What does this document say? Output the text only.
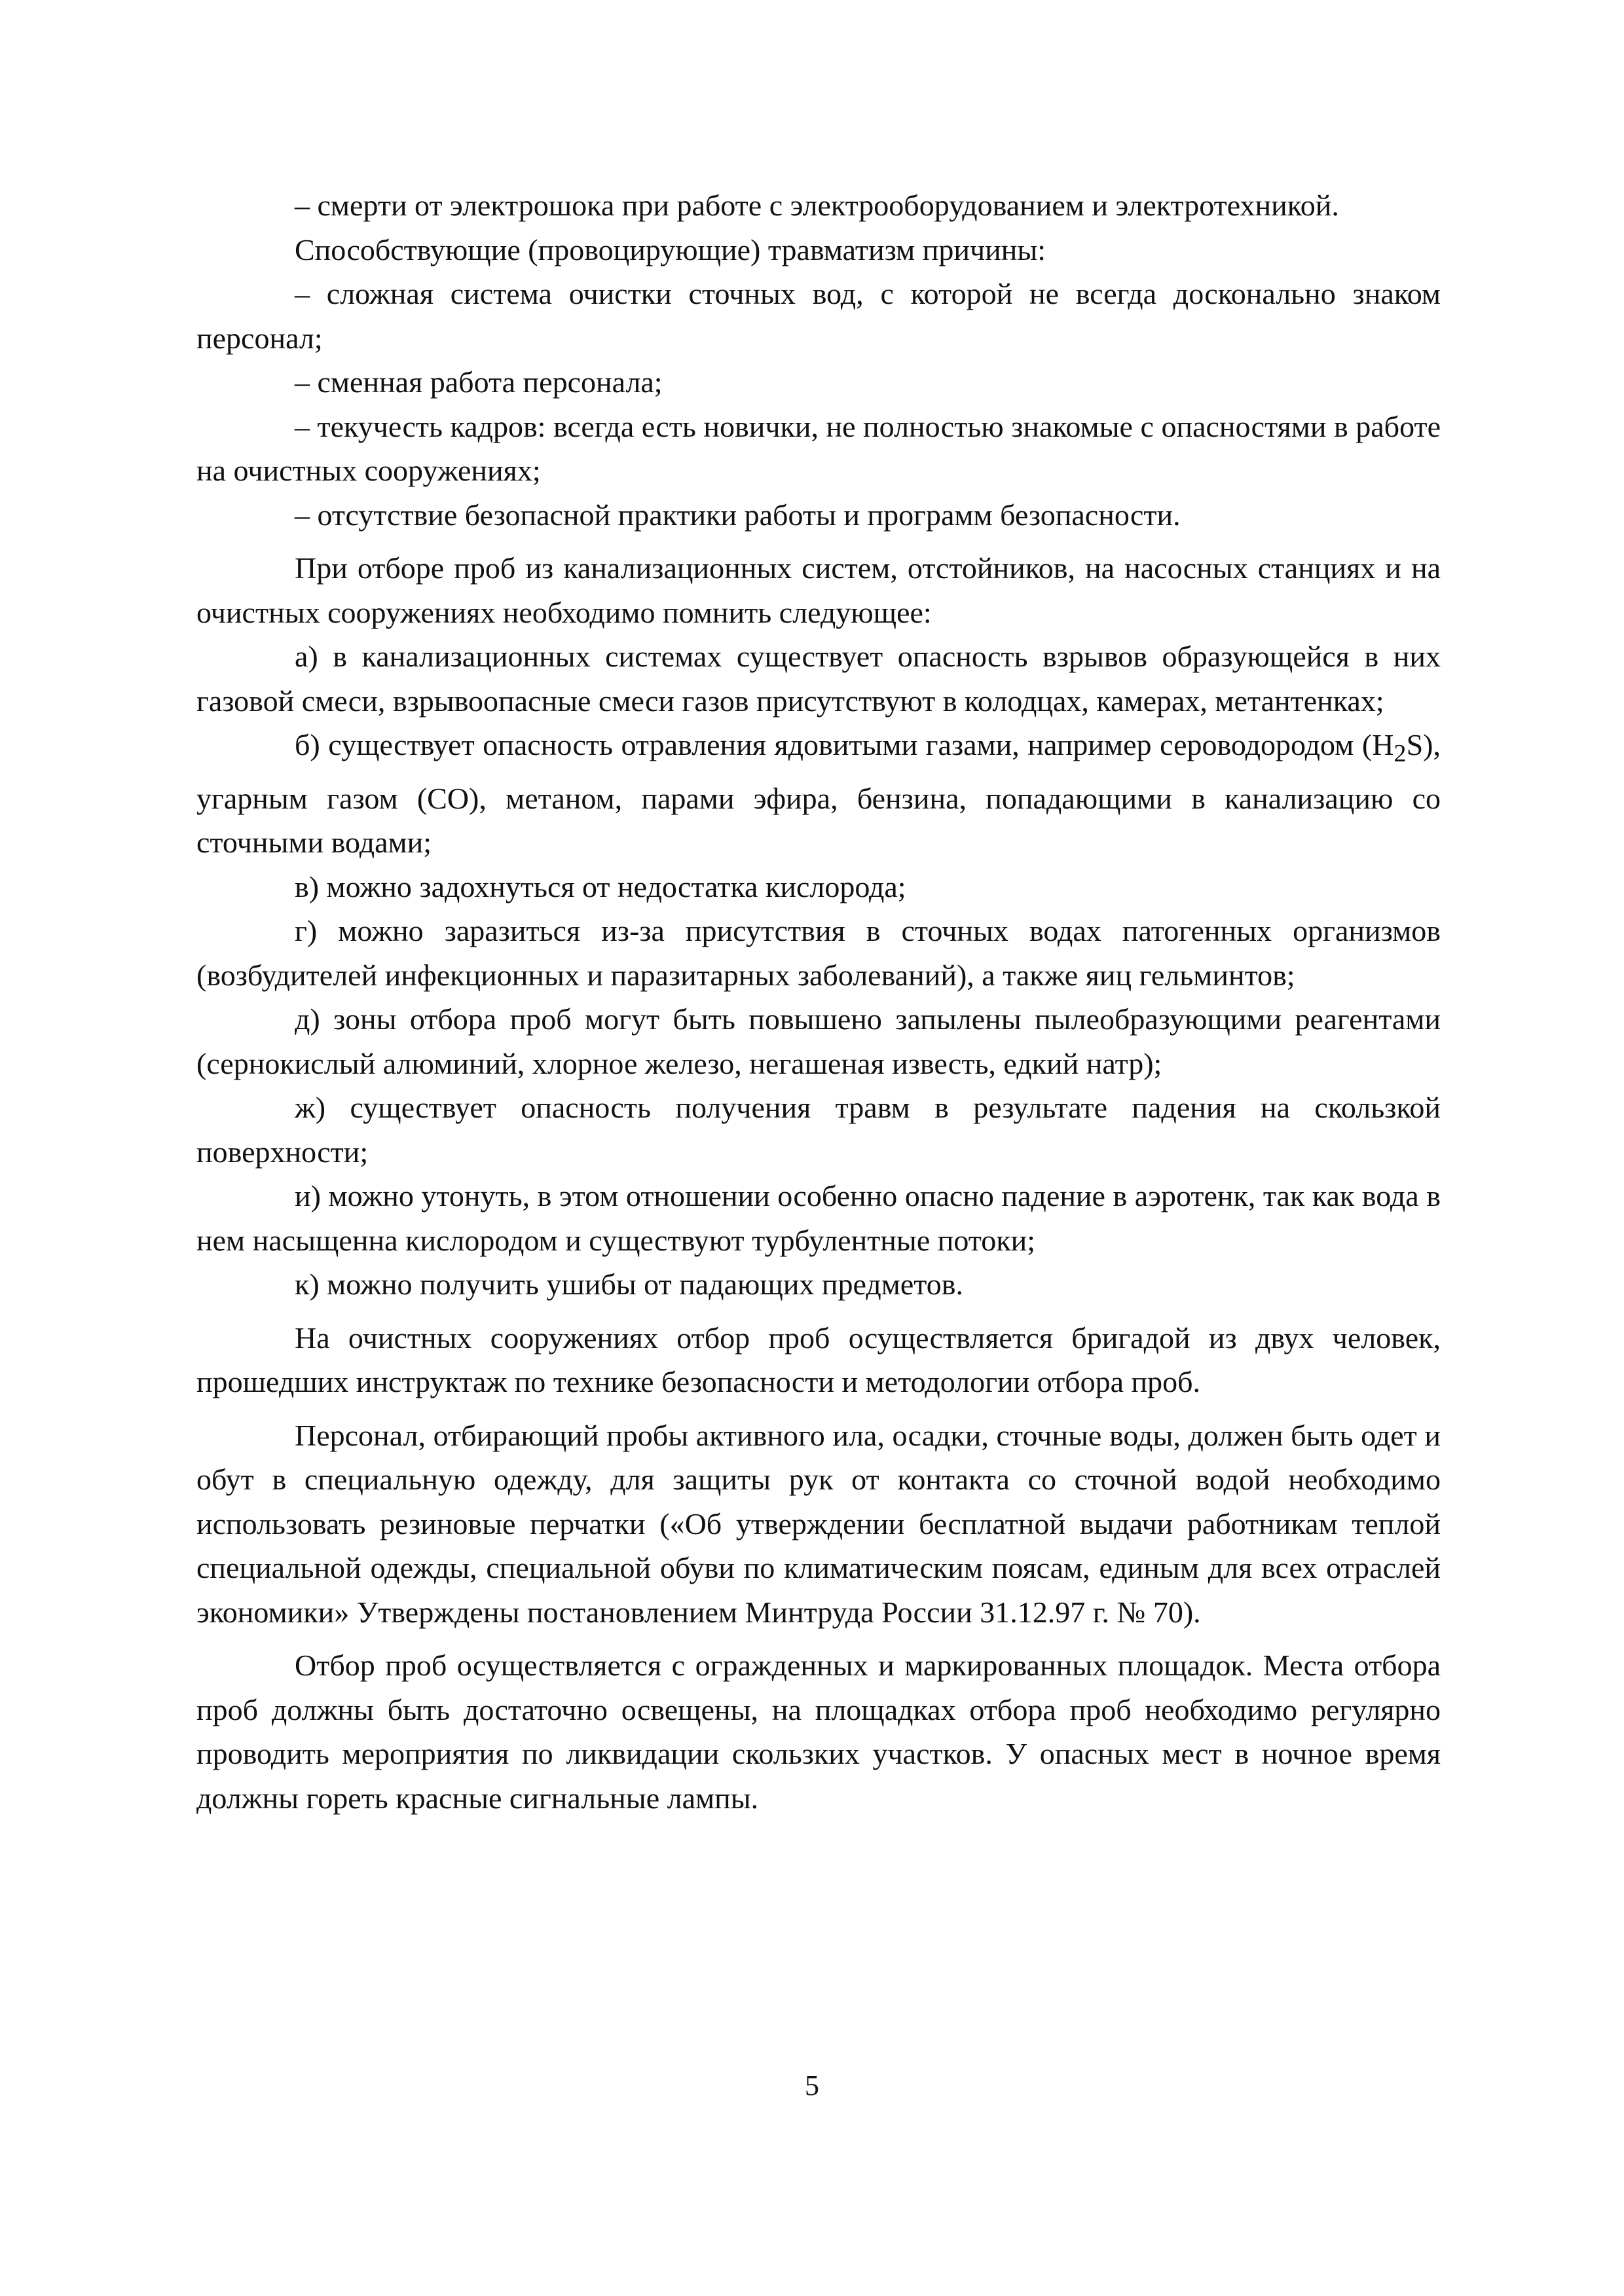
– смерти от электрошока при работе с электрооборудованием и электротехникой.

Способствующие (провоцирующие) травматизм причины:

– сложная система очистки сточных вод, с которой не всегда досконально знаком персонал;

– сменная работа персонала;

– текучесть кадров: всегда есть новички, не полностью знакомые с опасностями в работе на очистных сооружениях;

– отсутствие безопасной практики работы и программ безопасности.

При отборе проб из канализационных систем, отстойников, на насосных станциях и на очистных сооружениях необходимо помнить следующее:

а) в канализационных системах существует опасность взрывов образующейся в них газовой смеси, взрывоопасные смеси газов присутствуют в колодцах, камерах, метантенках;

б) существует опасность отравления ядовитыми газами, например сероводородом $(H_2S)$, угарным газом (CO), метаном, парами эфира, бензина, попадающими в канализацию со сточными водами;

в) можно задохнуться от недостатка кислорода;

г) можно заразиться из-за присутствия в сточных водах патогенных организмов (возбудителей инфекционных и паразитарных заболеваний), а также яиц гельминтов;

д) зоны отбора проб могут быть повышено запылены пылеобразующими реагентами (сернокислый алюминий, хлорное железо, негашеная известь, едкий натр);

ж) существует опасность получения травм в результате падения на скользкой поверхности;

и) можно утонуть, в этом отношении особенно опасно падение в аэротенк, так как вода в нем насыщенна кислородом и существуют турбулентные потоки;

к) можно получить ушибы от падающих предметов.

На очистных сооружениях отбор проб осуществляется бригадой из двух человек, прошедших инструктаж по технике безопасности и методологии отбора проб.

Персонал, отбирающий пробы активного ила, осадки, сточные воды, должен быть одет и обут в специальную одежду, для защиты рук от контакта со сточной водой необходимо использовать резиновые перчатки («Об утверждении бесплатной выдачи работникам теплой специальной одежды, специальной обуви по климатическим поясам, единым для всех отраслей экономики» Утверждены постановлением Минтруда России 31.12.97 г. № 70).

Отбор проб осуществляется с огражденных и маркированных площадок. Места отбора проб должны быть достаточно освещены, на площадках отбора проб необходимо регулярно проводить мероприятия по ликвидации скользких участков. У опасных мест в ночное время должны гореть красные сигнальные лампы.

5
